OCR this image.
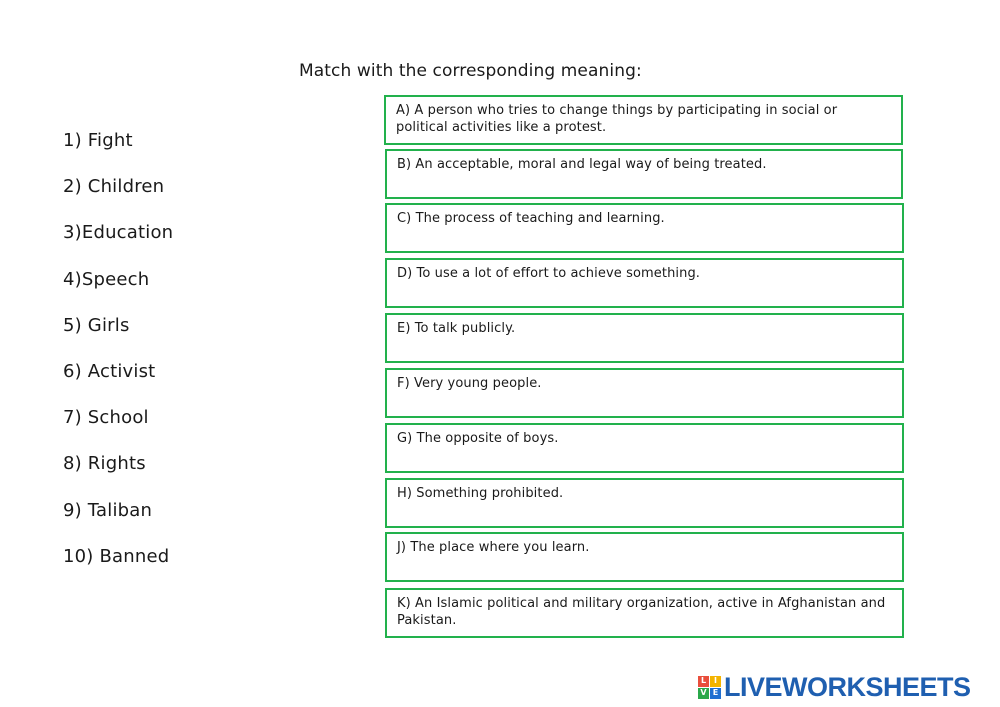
Match with the corresponding meaning:
1) Fight
2) Children
3)Education
4)Speech
5) Girls
6) Activist
7) School
8) Rights
9) Taliban
10) Banned
A) A person who tries to change things by participating in social or political activities like a protest.
B) An acceptable, moral and legal way of being treated.
C) The process of teaching and learning.
D) To use a lot of effort to achieve something.
E) To talk publicly.
F) Very young people.
G) The opposite of boys.
H) Something prohibited.
J) The place where you learn.
K) An Islamic political and military organization, active in Afghanistan and Pakistan.
L I
V E LIVEWORKSHEETS
